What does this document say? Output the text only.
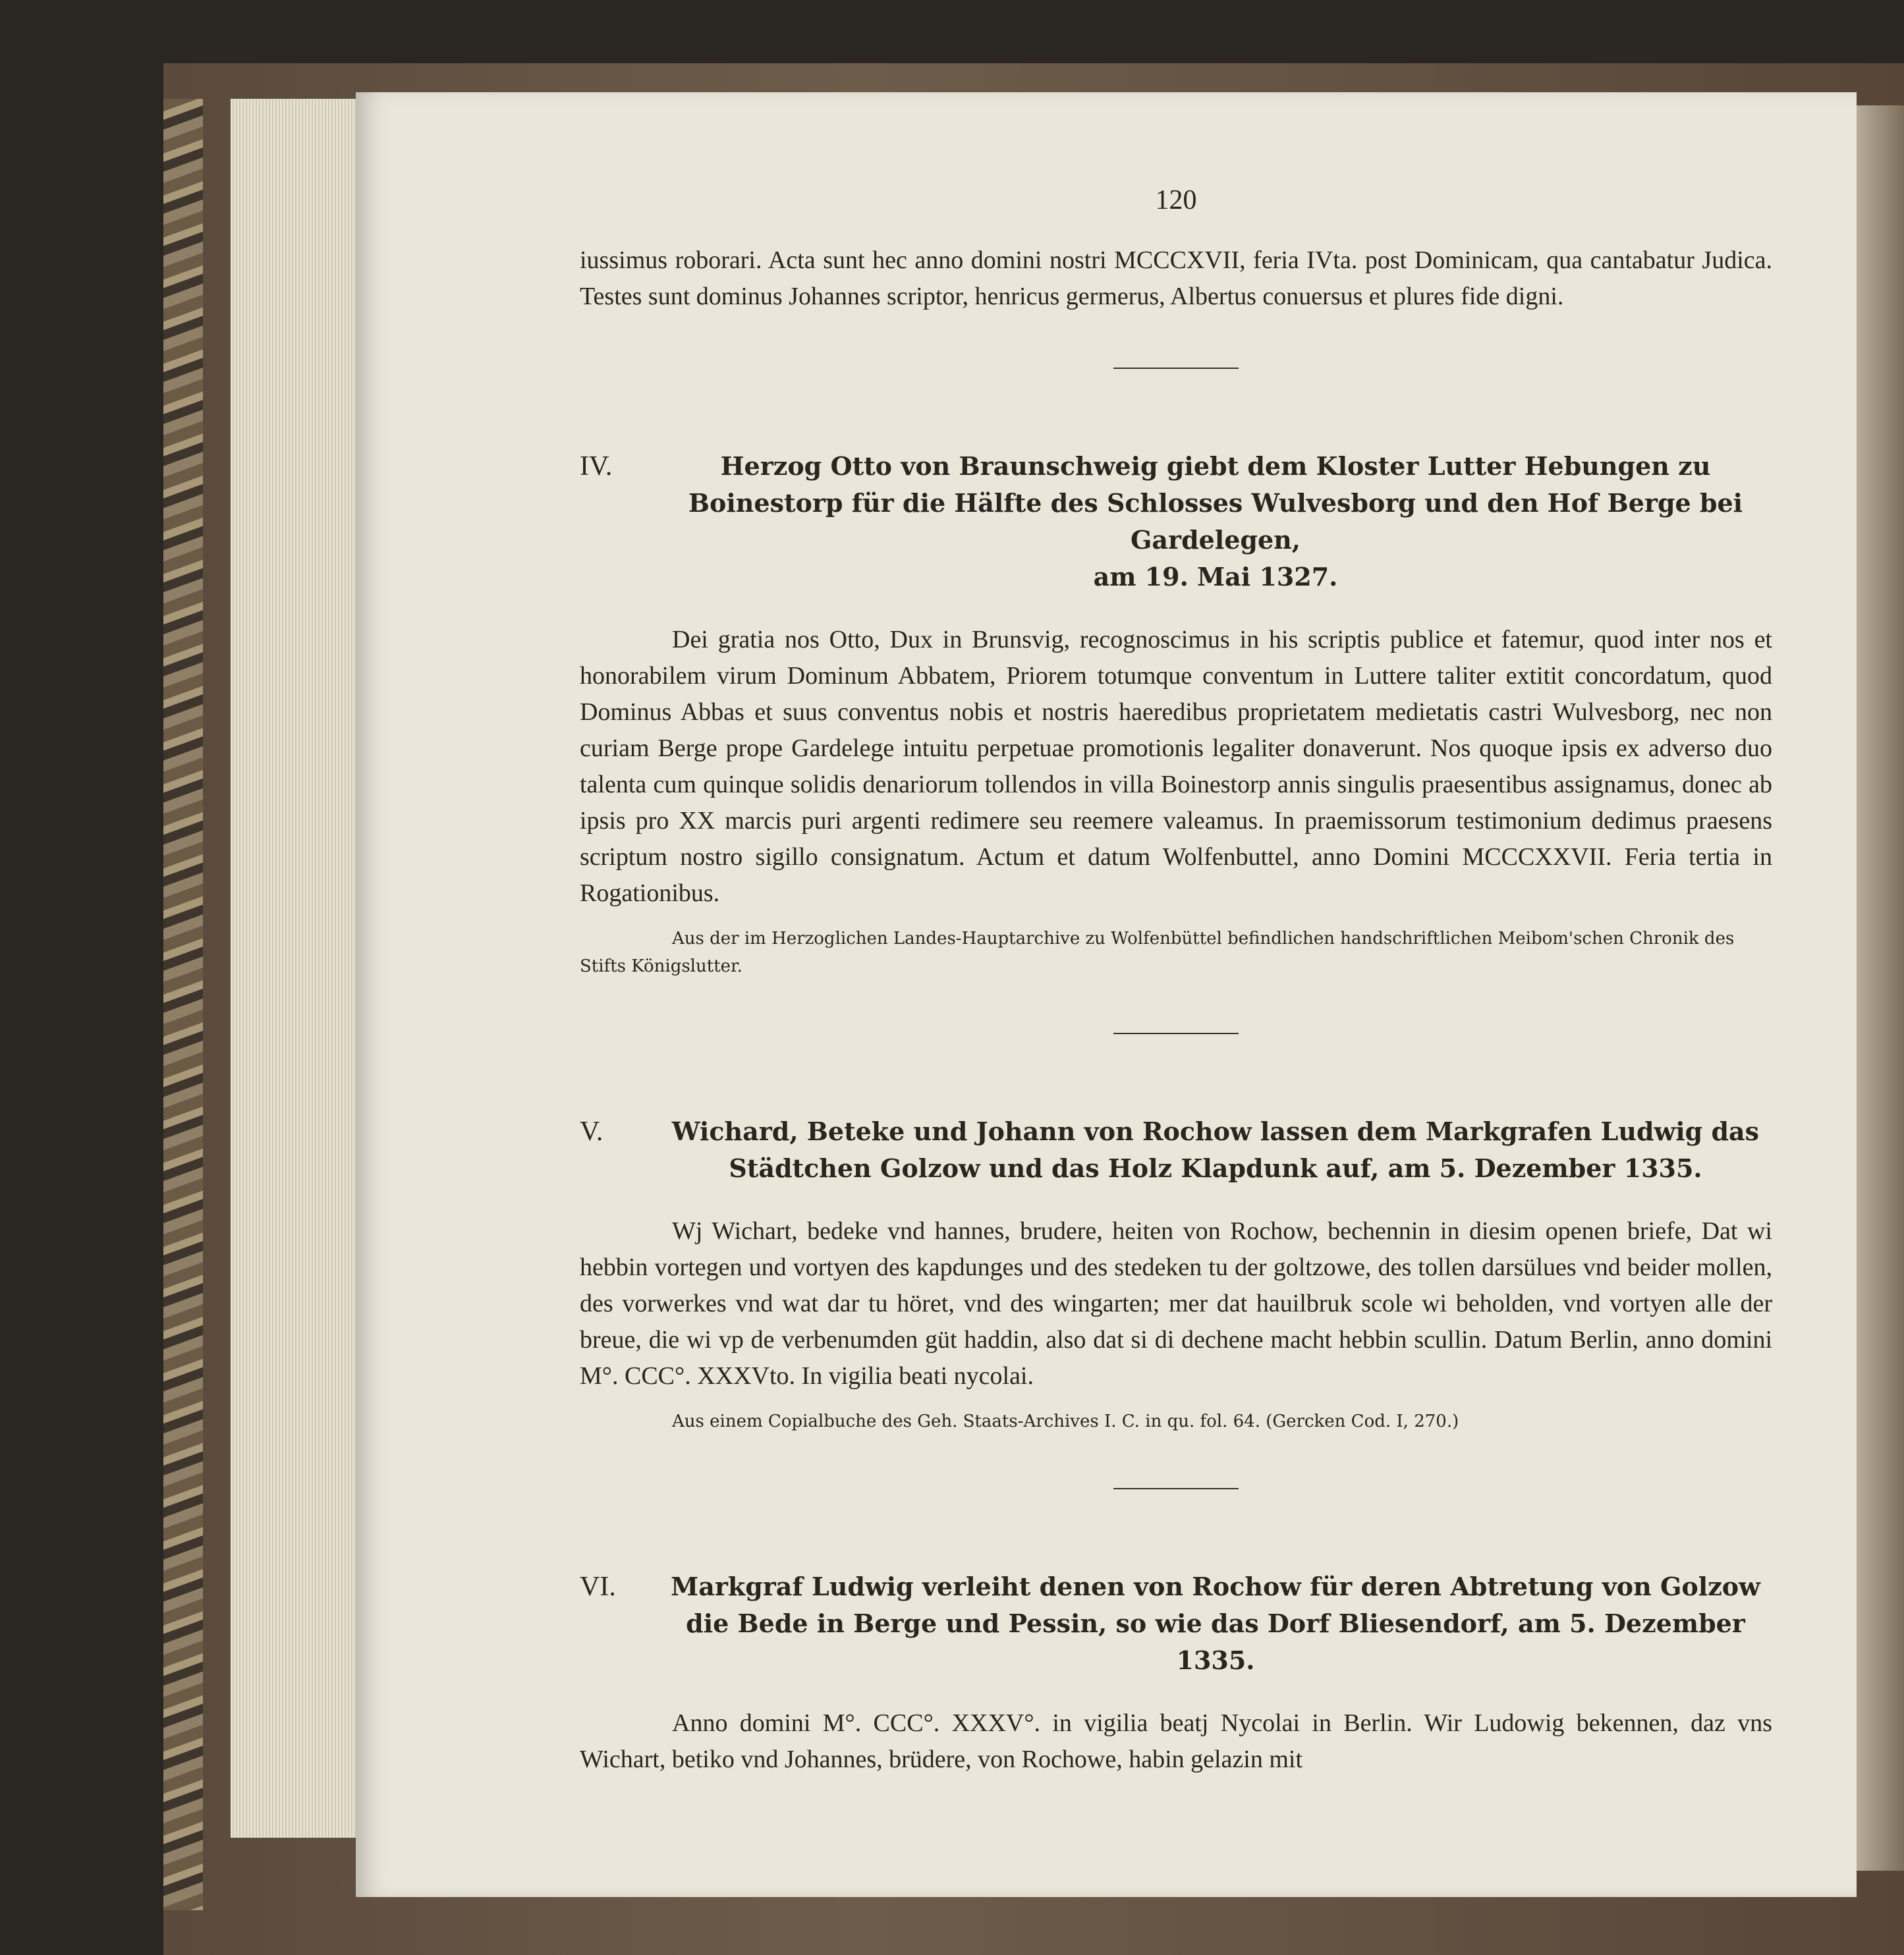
120

iussimus roborari. Acta sunt hec anno domini nostri MCCCXVII, feria IVta. post Dominicam, qua cantabatur Judica. Testes sunt dominus Johannes scriptor, henricus germerus, Albertus conuersus et plures fide digni.

IV.	Herzog Otto von Braunschweig giebt dem Kloster Lutter Hebungen zu Boinestorp für die Hälfte des Schlosses Wulvesborg und den Hof Berge bei Gardelegen,
am 19. Mai 1327.

Dei gratia nos Otto, Dux in Brunsvig, recognoscimus in his scriptis publice et fatemur, quod inter nos et honorabilem virum Dominum Abbatem, Priorem totumque conventum in Luttere taliter extitit concordatum, quod Dominus Abbas et suus conventus nobis et nostris haeredibus proprietatem medietatis castri Wulvesborg, nec non curiam Berge prope Gardelege intuitu perpetuae promotionis legaliter donaverunt. Nos quoque ipsis ex adverso duo talenta cum quinque solidis denariorum tollendos in villa Boinestorp annis singulis praesentibus assignamus, donec ab ipsis pro XX marcis puri argenti redimere seu reemere valeamus. In praemissorum testimonium dedimus praesens scriptum nostro sigillo consignatum. Actum et datum Wolfenbuttel, anno Domini MCCCXXVII. Feria tertia in Rogationibus.

Aus der im Herzoglichen Landes-Hauptarchive zu Wolfenbüttel befindlichen handschriftlichen Meibom'schen Chronik des Stifts Königslutter.

V.	Wichard, Beteke und Johann von Rochow lassen dem Markgrafen Ludwig das Städtchen Golzow und das Holz Klapdunk auf, am 5. Dezember 1335.

Wj Wichart, bedeke vnd hannes, brudere, heiten von Rochow, bechennin in diesim openen briefe, Dat wi hebbin vortegen und vortyen des kapdunges und des stedeken tu der goltzowe, des tollen darsülues vnd beider mollen, des vorwerkes vnd wat dar tu höret, vnd des wingarten; mer dat hauilbruk scole wi beholden, vnd vortyen alle der breue, die wi vp de verbenumden güt haddin, also dat si di dechene macht hebbin scullin. Datum Berlin, anno domini M°. CCC°. XXXVto. In vigilia beati nycolai.

Aus einem Copialbuche des Geh. Staats-Archives I. C. in qu. fol. 64. (Gercken Cod. I, 270.)

VI.	Markgraf Ludwig verleiht denen von Rochow für deren Abtretung von Golzow die Bede in Berge und Pessin, so wie das Dorf Bliesendorf, am 5. Dezember 1335.

Anno domini M°. CCC°. XXXV°. in vigilia beatj Nycolai in Berlin. Wir Ludowig bekennen, daz vns Wichart, betiko vnd Johannes, brüdere, von Rochowe, habin gelazin mit
